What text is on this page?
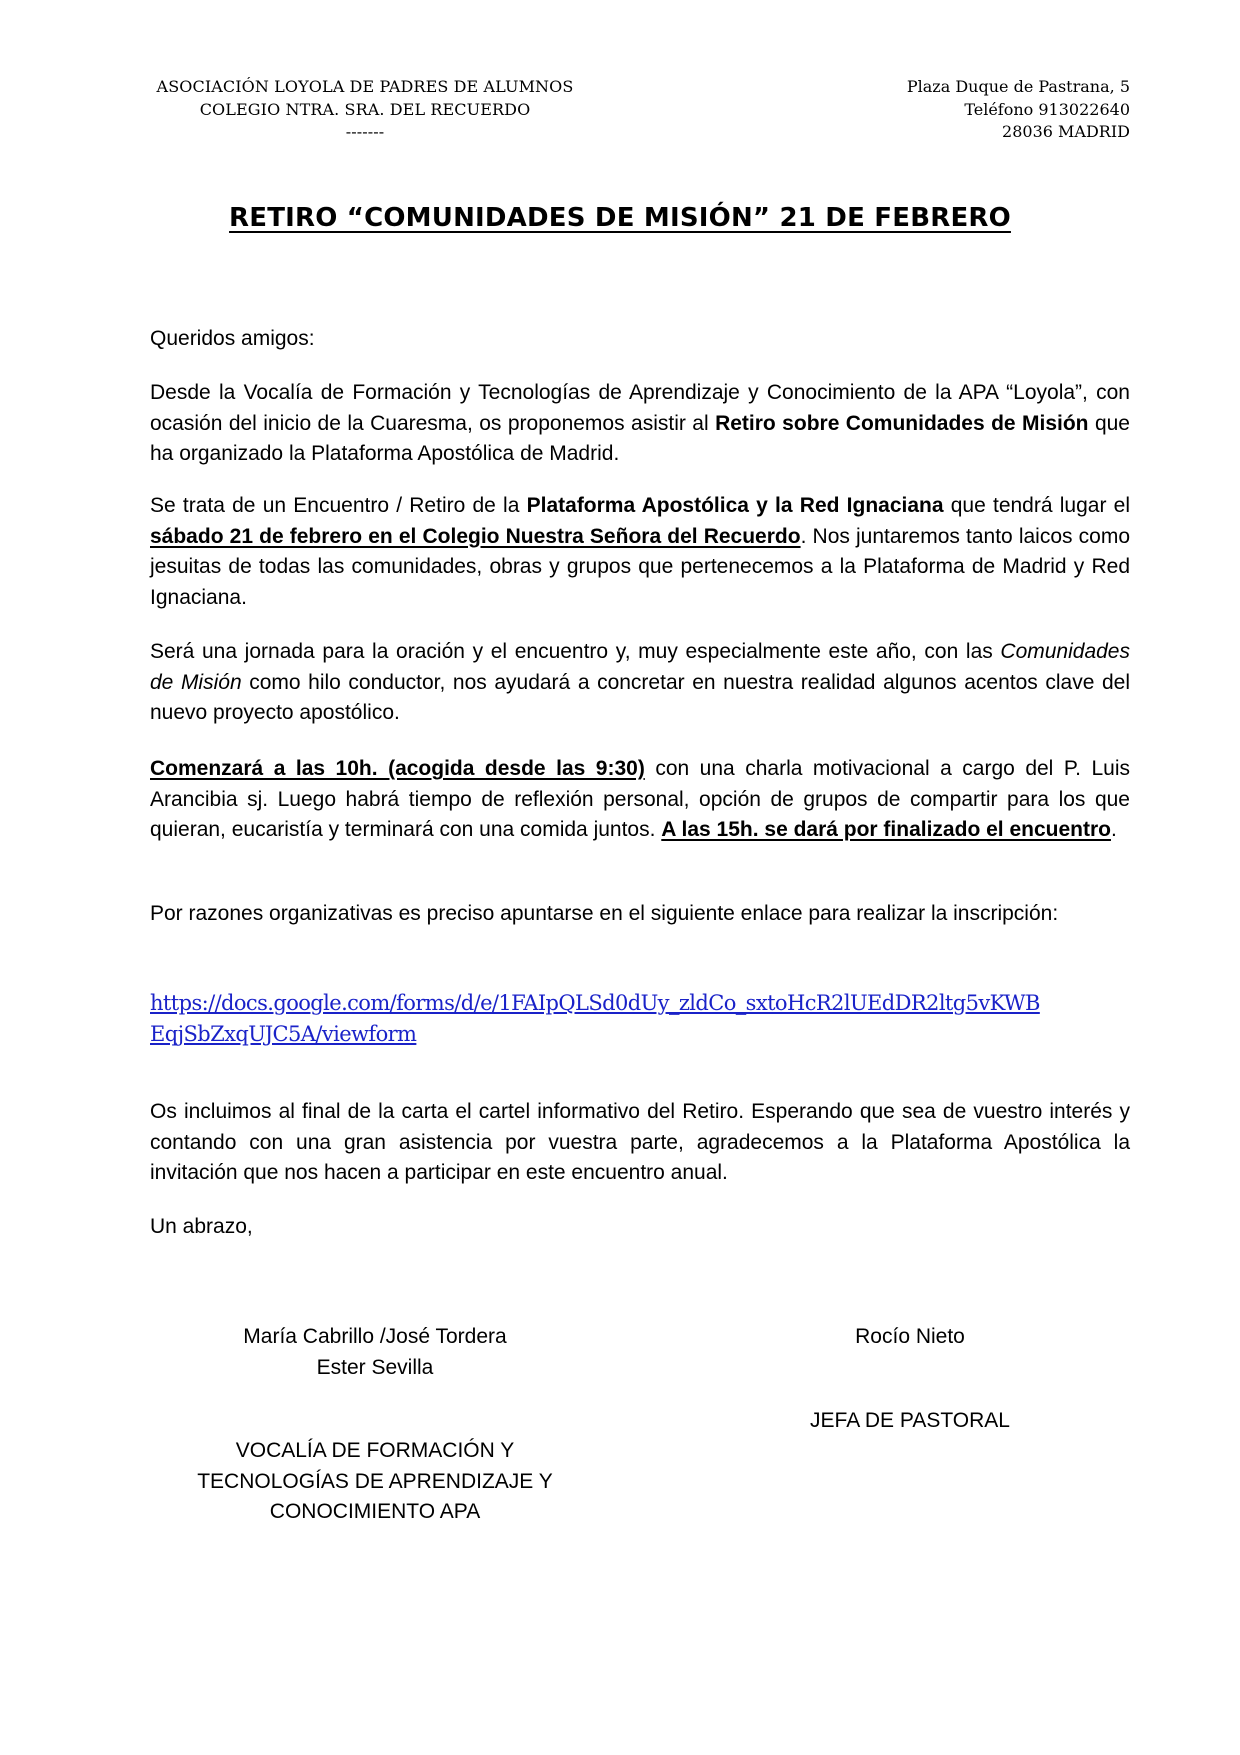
ASOCIACIÓN LOYOLA DE PADRES DE ALUMNOS
COLEGIO NTRA. SRA. DEL RECUERDO
-------
Plaza Duque de Pastrana, 5
Teléfono 913022640
28036 MADRID
RETIRO “COMUNIDADES DE MISIÓN” 21 DE FEBRERO

Queridos amigos:

Desde la Vocalía de Formación y Tecnologías de Aprendizaje y Conocimiento de la APA “Loyola”, con ocasión del inicio de la Cuaresma, os proponemos asistir al Retiro sobre Comunidades de Misión que ha organizado la Plataforma Apostólica de Madrid.

Se trata de un Encuentro / Retiro de la Plataforma Apostólica y la Red Ignaciana que tendrá lugar el sábado 21 de febrero en el Colegio Nuestra Señora del Recuerdo. Nos juntaremos tanto laicos como jesuitas de todas las comunidades, obras y grupos que pertenecemos a la Plataforma de Madrid y Red Ignaciana.

Será una jornada para la oración y el encuentro y, muy especialmente este año, con las Comunidades de Misión como hilo conductor, nos ayudará a concretar en nuestra realidad algunos acentos clave del nuevo proyecto apostólico.

Comenzará a las 10h. (acogida desde las 9:30) con una charla motivacional a cargo del P. Luis Arancibia sj. Luego habrá tiempo de reflexión personal, opción de grupos de compartir para los que quieran, eucaristía y terminará con una comida juntos. A las 15h. se dará por finalizado el encuentro.

Por razones organizativas es preciso apuntarse en el siguiente enlace para realizar la inscripción:

https://docs.google.com/forms/d/e/1FAIpQLSd0dUy_zldCo_sxtoHcR2lUEdDR2ltg5vKWB
EqjSbZxqUJC5A/viewform

Os incluimos al final de la carta el cartel informativo del Retiro. Esperando que sea de vuestro interés y contando con una gran asistencia por vuestra parte, agradecemos a la Plataforma Apostólica la invitación que nos hacen a participar en este encuentro anual.

Un abrazo,

María Cabrillo /José Tordera
Ester Sevilla
VOCALÍA DE FORMACIÓN Y
TECNOLOGÍAS DE APRENDIZAJE Y
CONOCIMIENTO APA
Rocío Nieto
JEFA DE PASTORAL
